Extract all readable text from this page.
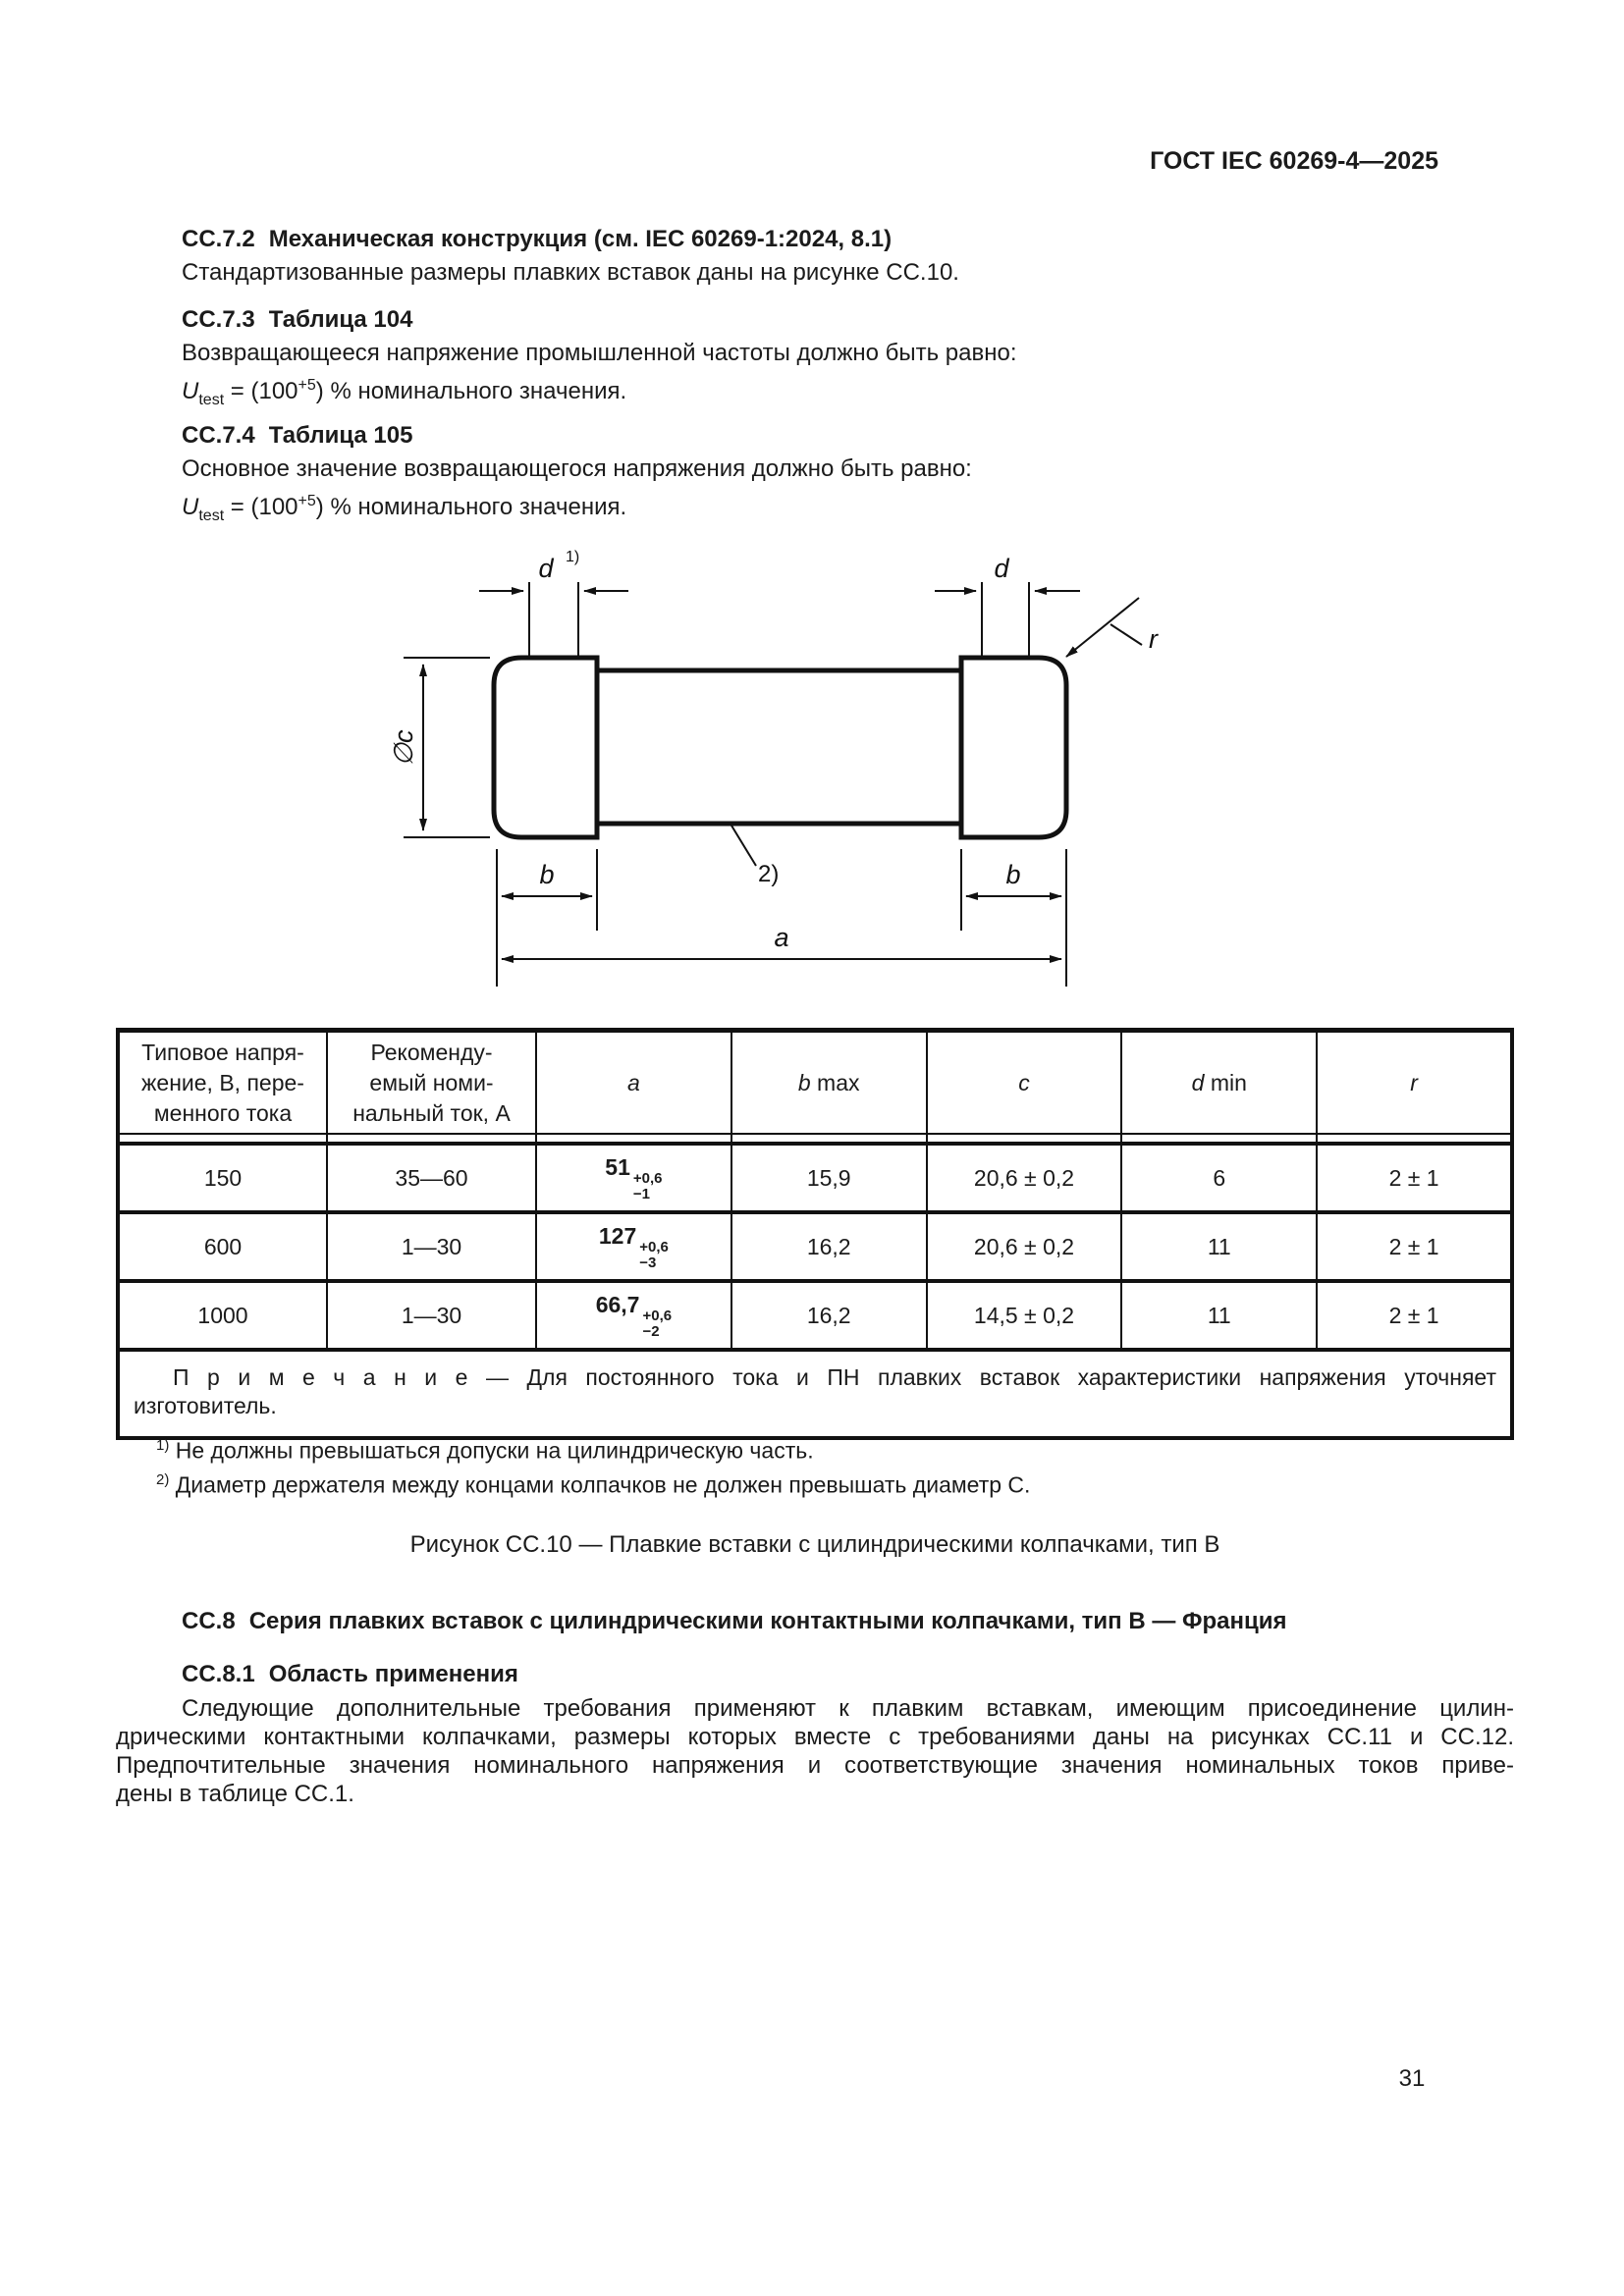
ГОСТ IEC 60269-4—2025
СС.7.2 Механическая конструкция (см. IEC 60269-1:2024, 8.1)
Стандартизованные размеры плавких вставок даны на рисунке СС.10.
СС.7.3 Таблица 104
Возвращающееся напряжение промышленной частоты должно быть равно:
$U_{test} = (100^{+5})$ % номинального значения.
СС.7.4 Таблица 105
Основное значение возвращающегося напряжения должно быть равно:
$U_{test} = (100^{+5})$ % номинального значения.
d 1)	d
r
∅c
b	b
a
2)
Типовое напря-
жение, В, пере-
менного тока	Рекоменду-
емый номи-
нальный ток, А	a	b max	c	d min	r

150	35—60	51 +0,6
−1	15,9	20,6 ± 0,2	6	2 ± 1
600	1—30	127 +0,6
−3	16,2	20,6 ± 0,2	11	2 ± 1
1000	1—30	66,7 +0,6
−2	16,2	14,5 ± 0,2	11	2 ± 1

П р и м е ч а н и е — Для постоянного тока и ПН плавких вставок характеристики напряжения уточняет
изготовитель.						
$^{1)}$ Не должны превышаться допуски на цилиндрическую часть.
$^{2)}$ Диаметр держателя между концами колпачков не должен превышать диаметр С.
Рисунок СС.10 — Плавкие вставки с цилиндрическими колпачками, тип B
СС.8 Серия плавких вставок с цилиндрическими контактными колпачками, тип B — Франция
СС.8.1 Область применения
Следующие дополнительные требования применяют к плавким вставкам, имеющим присоединение цилин-
дрическими контактными колпачками, размеры которых вместе с требованиями даны на рисунках СС.11 и СС.12.
Предпочтительные значения номинального напряжения и соответствующие значения номинальных токов приве-
дены в таблице СС.1.
31
